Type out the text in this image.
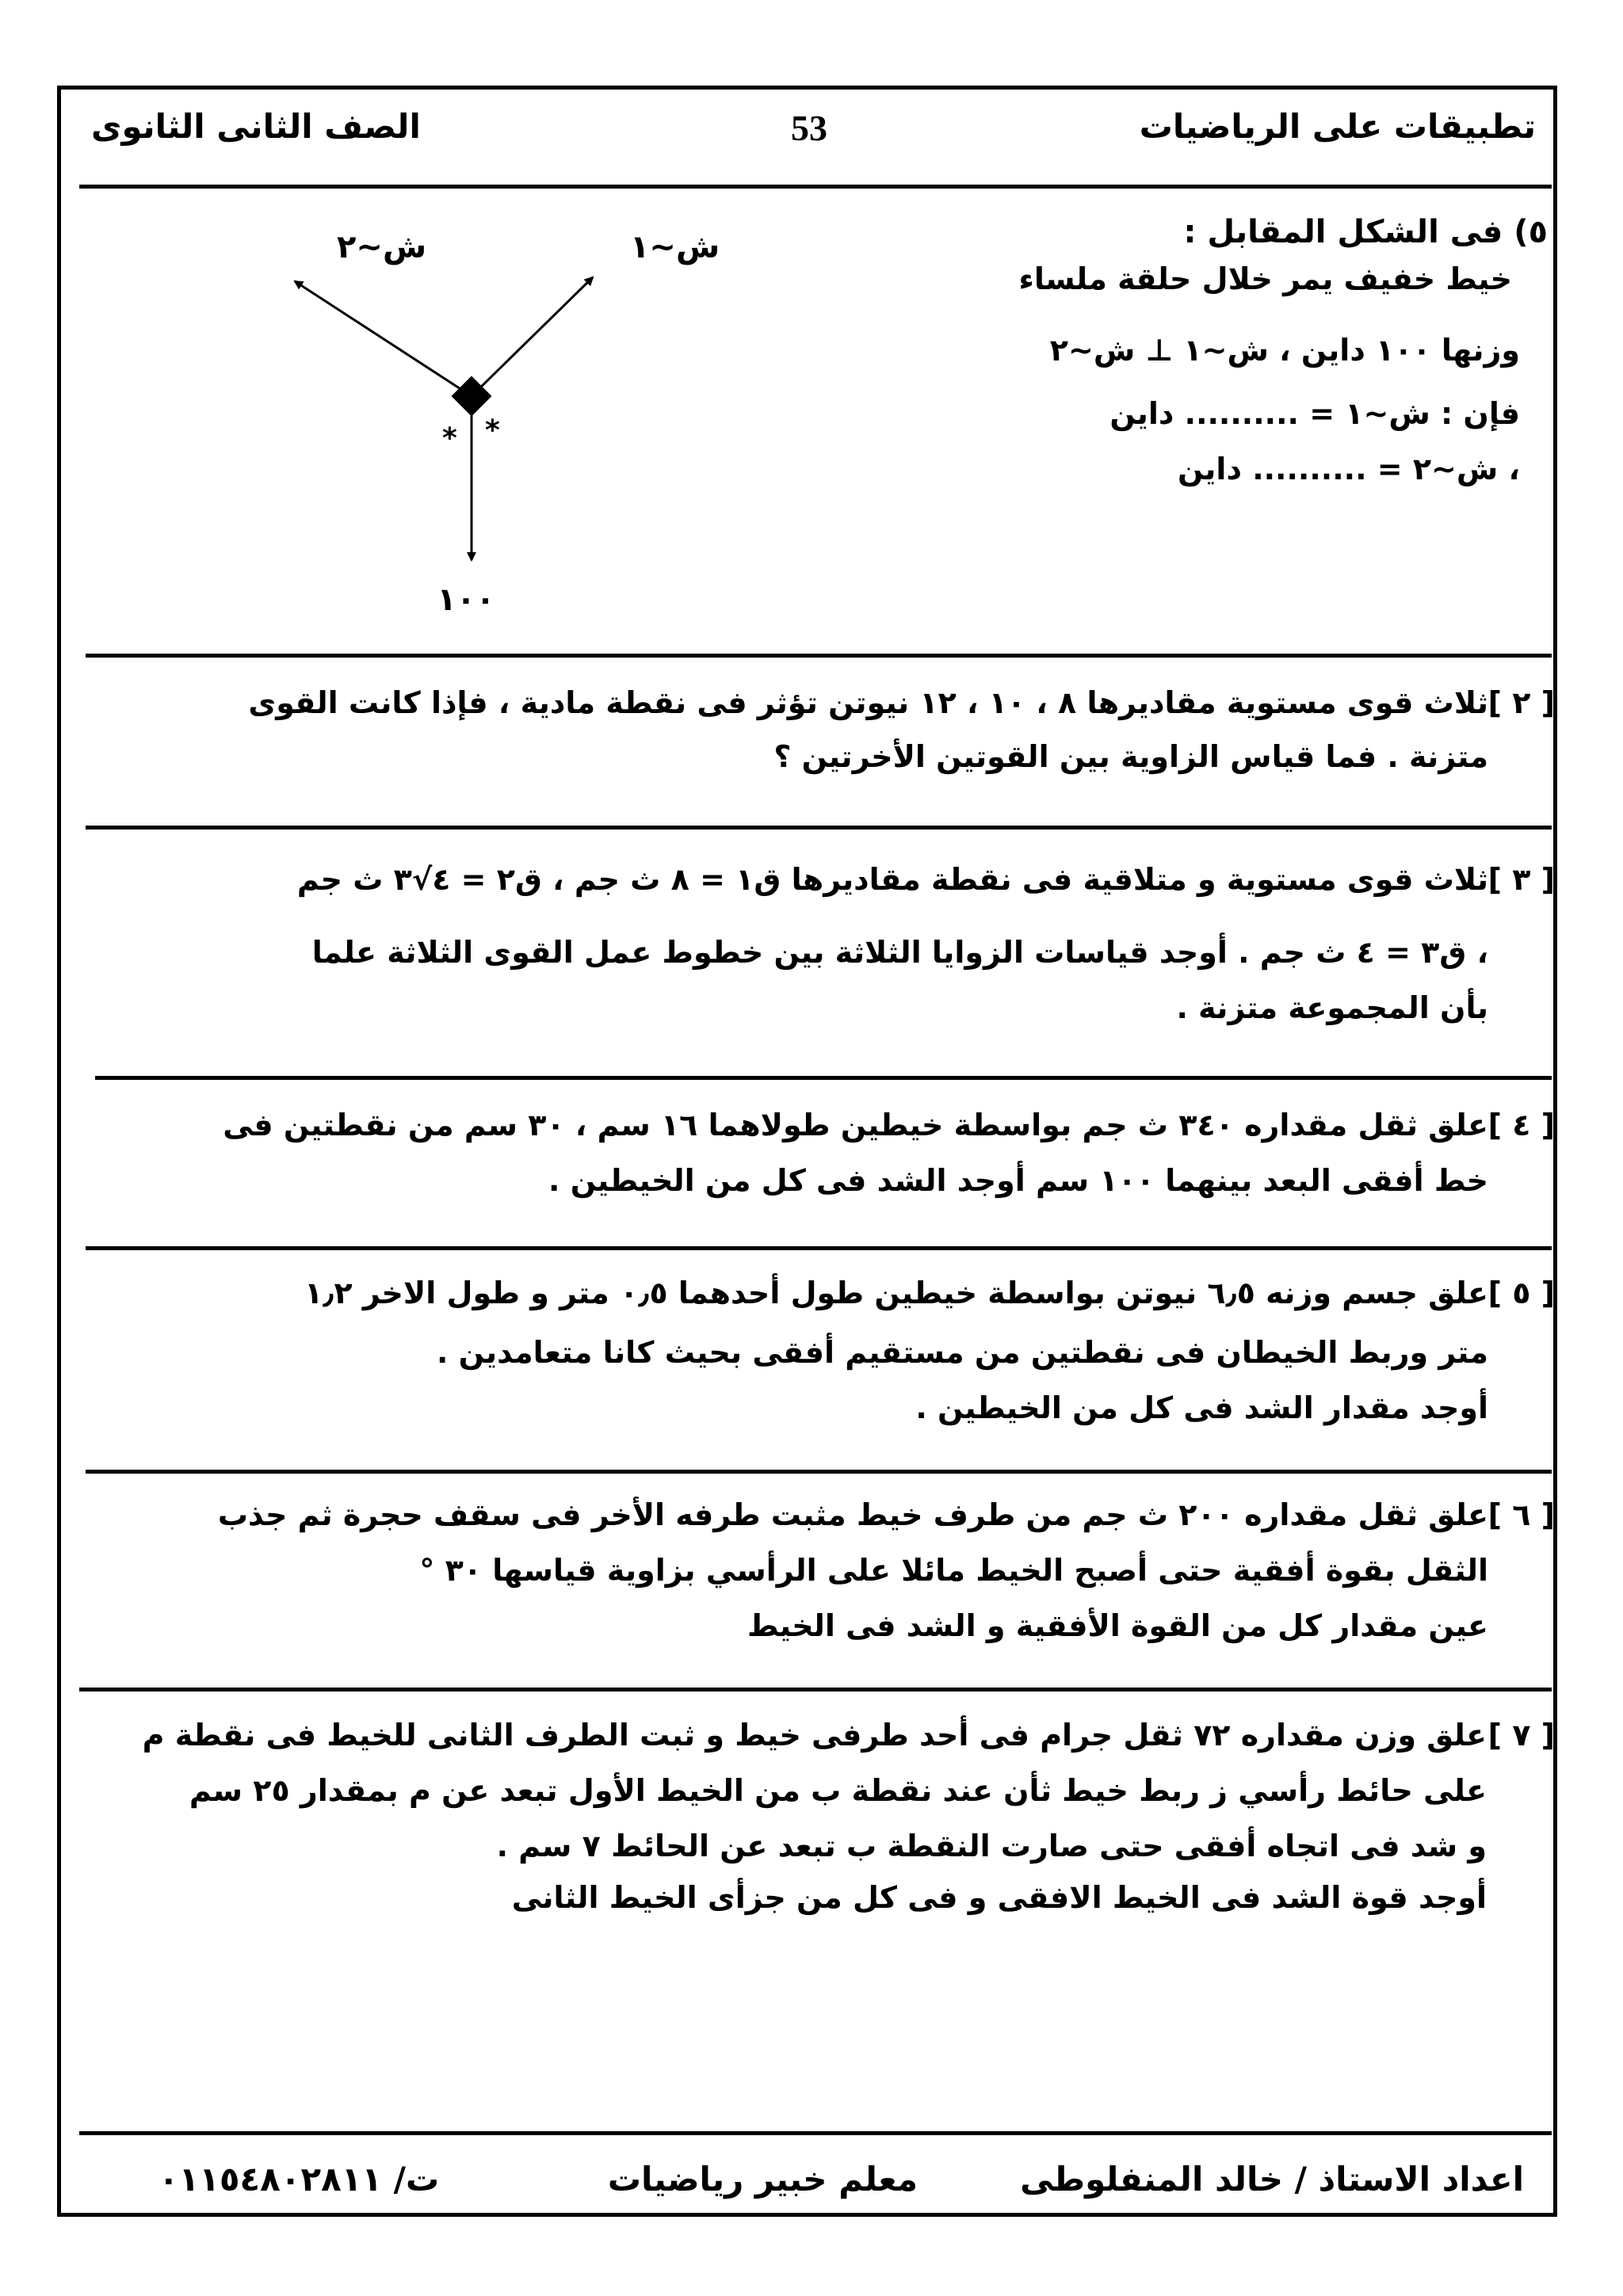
تطبيقات على الرياضيات
53
الصف الثانى الثانوى
٥) فى الشكل المقابل :
خيط خفيف يمر خلال حلقة ملساء
وزنها ١٠٠ داين ، ش~١ ⊥ ش~٢
فإن : ش~١ = .......... داين
، ش~٢ = .......... داين
* *
ش~١
ش~٢
١٠٠
[ ٢ ]
ثلاث قوى مستوية مقاديرها ٨ ، ١٠ ، ١٢ نيوتن تؤثر فى نقطة مادية ، فإذا كانت القوى
متزنة . فما قياس الزاوية بين القوتين الأخرتين ؟
[ ٣ ]
ثلاث قوى مستوية و متلاقية فى نقطة مقاديرها ق١ = ٨ ث جم ، ق٢ = ٤√٣ ث جم
، ق٣ = ٤ ث جم . أوجد قياسات الزوايا الثلاثة بين خطوط عمل القوى الثلاثة علما
بأن المجموعة متزنة .
[ ٤ ]
علق ثقل مقداره ٣٤٠ ث جم بواسطة خيطين طولاهما ١٦ سم ، ٣٠ سم من نقطتين فى
خط أفقى البعد بينهما ١٠٠ سم أوجد الشد فى كل من الخيطين .
[ ٥ ]
علق جسم وزنه ٦٫٥ نيوتن بواسطة خيطين طول أحدهما ٠٫٥ متر و طول الاخر ١٫٢
متر وربط الخيطان فى نقطتين من مستقيم أفقى بحيث كانا متعامدين .
أوجد مقدار الشد فى كل من الخيطين .
[ ٦ ]
علق ثقل مقداره ٢٠٠ ث جم من طرف خيط مثبت طرفه الأخر فى سقف حجرة ثم جذب
الثقل بقوة أفقية حتى أصبح الخيط مائلا على الرأسي بزاوية قياسها ٣٠ °
عين مقدار كل من القوة الأفقية و الشد فى الخيط
[ ٧ ]
علق وزن مقداره ٧٢ ثقل جرام فى أحد طرفى خيط و ثبت الطرف الثانى للخيط فى نقطة م
على حائط رأسي ز ربط خيط ثأن عند نقطة ب من الخيط الأول تبعد عن م بمقدار ٢٥ سم
و شد فى اتجاه أفقى حتى صارت النقطة ب تبعد عن الحائط ٧ سم .
أوجد قوة الشد فى الخيط الافقى و فى كل من جزأى الخيط الثانى
اعداد الاستاذ / خالد المنفلوطى
معلم خبير رياضيات
ت/ ٠١١٥٤٨٠٢٨١١
